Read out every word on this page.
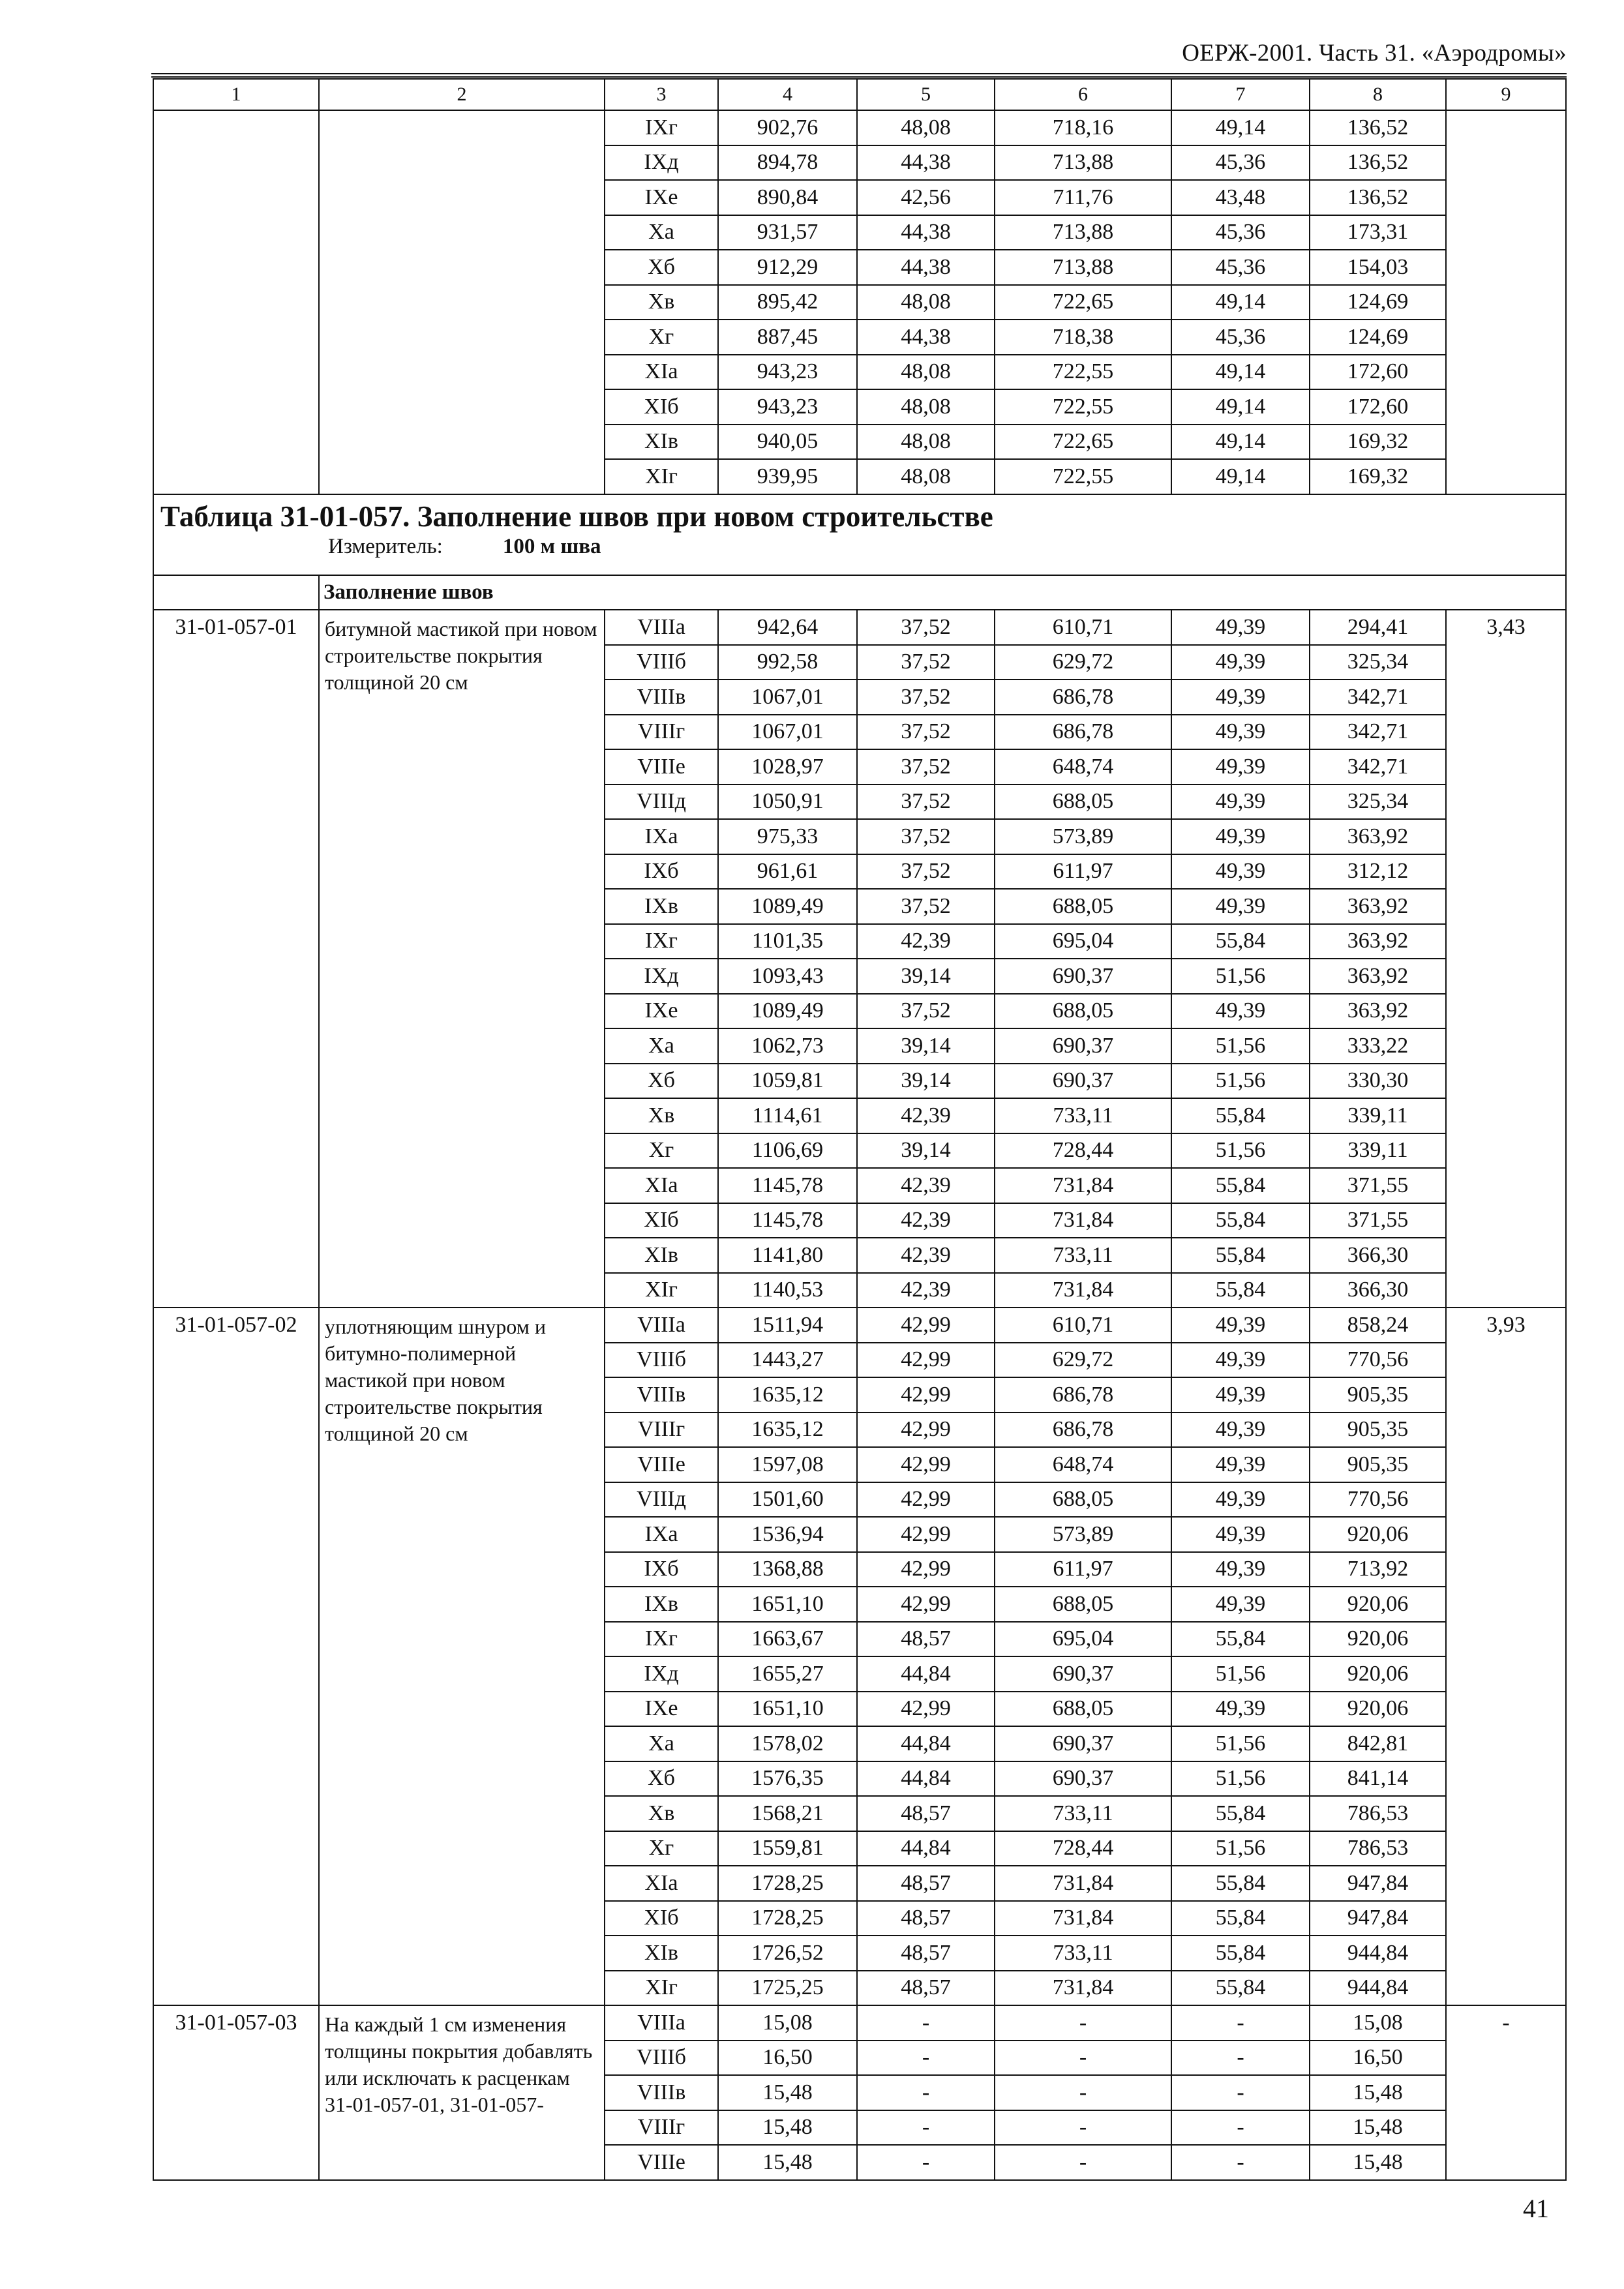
ОЕРЖ-2001. Часть 31. «Аэродромы»
1	2	3	4	5	6	7	8	9
		IXг	902,76	48,08	718,16	49,14	136,52	
		IXд	894,78	44,38	713,88	45,36	136,52	
		IXе	890,84	42,56	711,76	43,48	136,52	
		Xа	931,57	44,38	713,88	45,36	173,31	
		Xб	912,29	44,38	713,88	45,36	154,03	
		Xв	895,42	48,08	722,65	49,14	124,69	
		Xг	887,45	44,38	718,38	45,36	124,69	
		XIа	943,23	48,08	722,55	49,14	172,60	
		XIб	943,23	48,08	722,55	49,14	172,60	
		XIв	940,05	48,08	722,65	49,14	169,32	
		XIг	939,95	48,08	722,55	49,14	169,32	

Таблица 31-01-057. Заполнение швов при новом строительстве
Измеритель: 100 м шва								

	Заполнение швов							
31-01-057-01	битумной мастикой при новом строительстве покрытия толщиной 20 см	VIIIа	942,64	37,52	610,71	49,39	294,41	3,43
		VIIIб	992,58	37,52	629,72	49,39	325,34	
		VIIIв	1067,01	37,52	686,78	49,39	342,71	
		VIIIг	1067,01	37,52	686,78	49,39	342,71	
		VIIIе	1028,97	37,52	648,74	49,39	342,71	
		VIIIд	1050,91	37,52	688,05	49,39	325,34	
		IXа	975,33	37,52	573,89	49,39	363,92	
		IXб	961,61	37,52	611,97	49,39	312,12	
		IXв	1089,49	37,52	688,05	49,39	363,92	
		IXг	1101,35	42,39	695,04	55,84	363,92	
		IXд	1093,43	39,14	690,37	51,56	363,92	
		IXе	1089,49	37,52	688,05	49,39	363,92	
		Xа	1062,73	39,14	690,37	51,56	333,22	
		Xб	1059,81	39,14	690,37	51,56	330,30	
		Xв	1114,61	42,39	733,11	55,84	339,11	
		Xг	1106,69	39,14	728,44	51,56	339,11	
		XIа	1145,78	42,39	731,84	55,84	371,55	
		XIб	1145,78	42,39	731,84	55,84	371,55	
		XIв	1141,80	42,39	733,11	55,84	366,30	
		XIг	1140,53	42,39	731,84	55,84	366,30	
31-01-057-02	уплотняющим шнуром и битумно-полимерной мастикой при новом строительстве покрытия толщиной 20 см	VIIIа	1511,94	42,99	610,71	49,39	858,24	3,93
		VIIIб	1443,27	42,99	629,72	49,39	770,56	
		VIIIв	1635,12	42,99	686,78	49,39	905,35	
		VIIIг	1635,12	42,99	686,78	49,39	905,35	
		VIIIе	1597,08	42,99	648,74	49,39	905,35	
		VIIIд	1501,60	42,99	688,05	49,39	770,56	
		IXа	1536,94	42,99	573,89	49,39	920,06	
		IXб	1368,88	42,99	611,97	49,39	713,92	
		IXв	1651,10	42,99	688,05	49,39	920,06	
		IXг	1663,67	48,57	695,04	55,84	920,06	
		IXд	1655,27	44,84	690,37	51,56	920,06	
		IXе	1651,10	42,99	688,05	49,39	920,06	
		Xа	1578,02	44,84	690,37	51,56	842,81	
		Xб	1576,35	44,84	690,37	51,56	841,14	
		Xв	1568,21	48,57	733,11	55,84	786,53	
		Xг	1559,81	44,84	728,44	51,56	786,53	
		XIа	1728,25	48,57	731,84	55,84	947,84	
		XIб	1728,25	48,57	731,84	55,84	947,84	
		XIв	1726,52	48,57	733,11	55,84	944,84	
		XIг	1725,25	48,57	731,84	55,84	944,84	
31-01-057-03	На каждый 1 см изменения толщины покрытия добавлять или исключать к расценкам 31-01-057-01, 31-01-057-	VIIIа	15,08	-	-	-	15,08	-
		VIIIб	16,50	-	-	-	16,50	
		VIIIв	15,48	-	-	-	15,48	
		VIIIг	15,48	-	-	-	15,48	
		VIIIе	15,48	-	-	-	15,48	
41
